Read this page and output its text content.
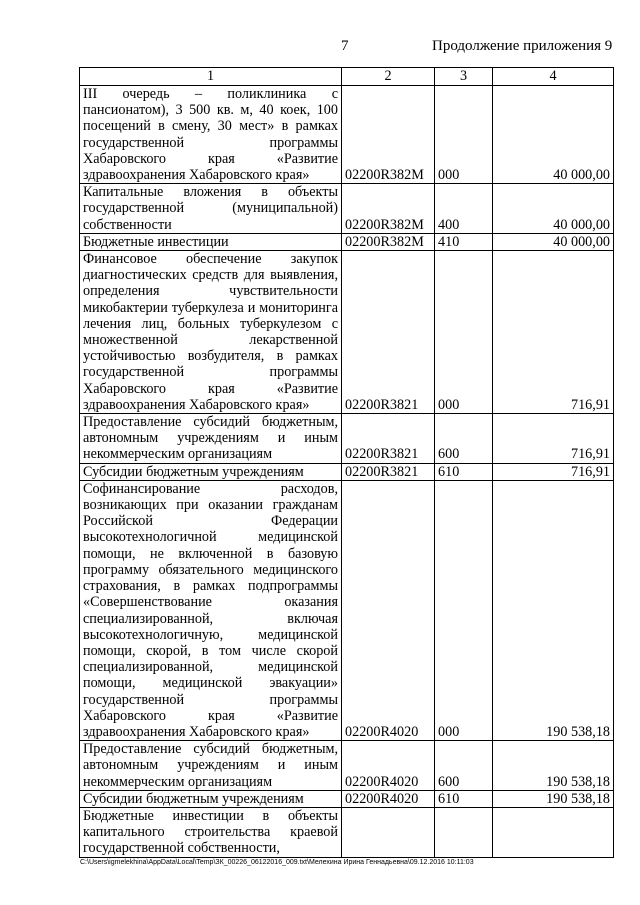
7	Продолжение приложения 9
1	2	3	4
III очередь – поликлиника с пансионатом), 3 500 кв. м, 40 коек, 100 посещений в смену, 30 мест» в рамках государственной программы Хабаровского края «Развитие здравоохранения Хабаровского края»	02200R382M	000	40 000,00
Капитальные вложения в объекты государственной (муниципальной) собственности	02200R382M	400	40 000,00
Бюджетные инвестиции	02200R382M	410	40 000,00
Финансовое обеспечение закупок диагностических средств для выявления, определения чувствительности микобактерии туберкулеза и мониторинга лечения лиц, больных туберкулезом с множественной лекарственной устойчивостью возбудителя, в рамках государственной программы Хабаровского края «Развитие здравоохранения Хабаровского края»	02200R3821	000	716,91
Предоставление субсидий бюджетным, автономным учреждениям и иным некоммерческим организациям	02200R3821	600	716,91
Субсидии бюджетным учреждениям	02200R3821	610	716,91
Софинансирование расходов, возникающих при оказании гражданам Российской Федерации высокотехнологичной медицинской помощи, не включенной в базовую программу обязательного медицинского страхования, в рамках подпрограммы «Совершенствование оказания специализированной, включая высокотехнологичную, медицинской помощи, скорой, в том числе скорой специализированной, медицинской помощи, медицинской эвакуации» государственной программы Хабаровского края «Развитие здравоохранения Хабаровского края»	02200R4020	000	190 538,18
Предоставление субсидий бюджетным, автономным учреждениям и иным некоммерческим организациям	02200R4020	600	190 538,18
Субсидии бюджетным учреждениям	02200R4020	610	190 538,18
Бюджетные инвестиции в объекты капитального строительства краевой государственной собственности,			
C:\Users\igmelekhina\AppData\Local\Temp\ЗК_00226_06122016_009.txt\Мелехина Ирина Геннадьевна\09.12.2016 10:11:03
